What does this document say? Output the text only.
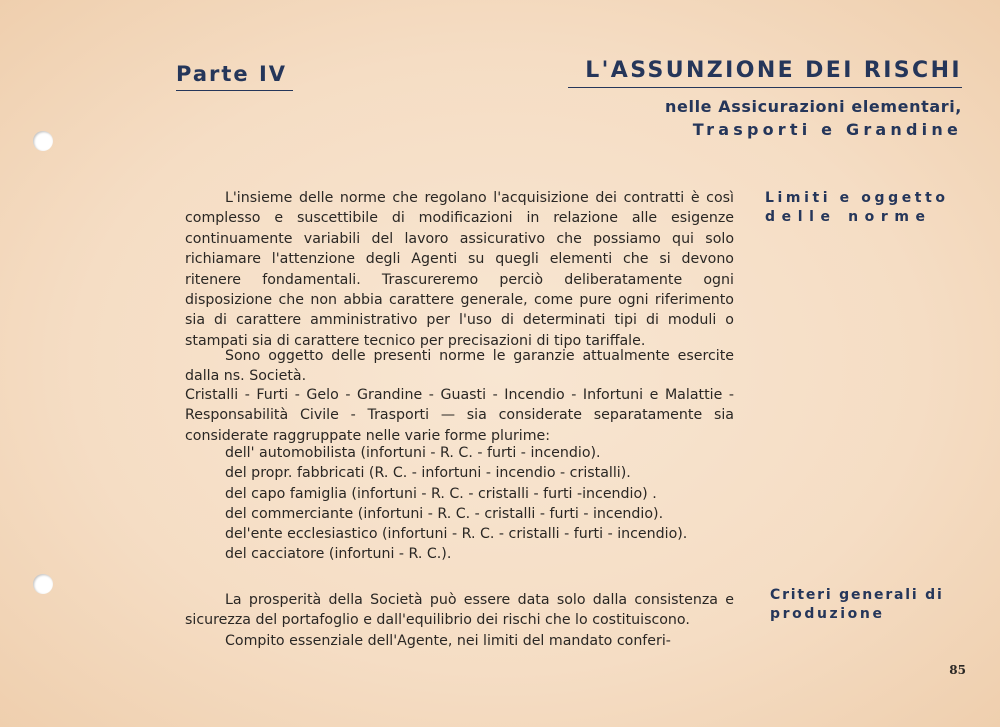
Parte IV	L'ASSUNZIONE DEI RISCHI
nelle Assicurazioni elementari,
Trasporti e Grandine
Limiti e oggetto
delle norme
Criteri generali di
produzione

L'insieme delle norme che regolano l'acquisizione dei contratti è così complesso e suscettibile di modificazioni in relazione alle esigenze continuamente variabili del lavoro assicurativo che possiamo qui solo richiamare l'attenzione degli Agenti su quegli elementi che si devono ritenere fondamentali. Trascureremo perciò deliberatamente ogni disposizione che non abbia carattere generale, come pure ogni riferimento sia di carattere amministrativo per l'uso di determinati tipi di moduli o stampati sia di carattere tecnico per precisazioni di tipo tariffale.

Sono oggetto delle presenti norme le garanzie attualmente esercite dalla ns. Società.

Cristalli - Furti - Gelo - Grandine - Guasti - Incendio - Infortuni e Malattie - Responsabilità Civile - Trasporti — sia considerate separatamente sia considerate raggruppate nelle varie forme plurime:

dell' automobilista (infortuni - R. C. - furti - incendio).
del propr. fabbricati (R. C. - infortuni - incendio - cristalli).
del capo famiglia (infortuni - R. C. - cristalli - furti -incendio) .
del commerciante (infortuni - R. C. - cristalli - furti - incendio).
del'ente ecclesiastico (infortuni - R. C. - cristalli - furti - incendio).
del cacciatore (infortuni - R. C.).

La prosperità della Società può essere data solo dalla consistenza e sicurezza del portafoglio e dall'equilibrio dei rischi che lo costituiscono.

Compito essenziale dell'Agente, nei limiti del mandato conferi-

85
